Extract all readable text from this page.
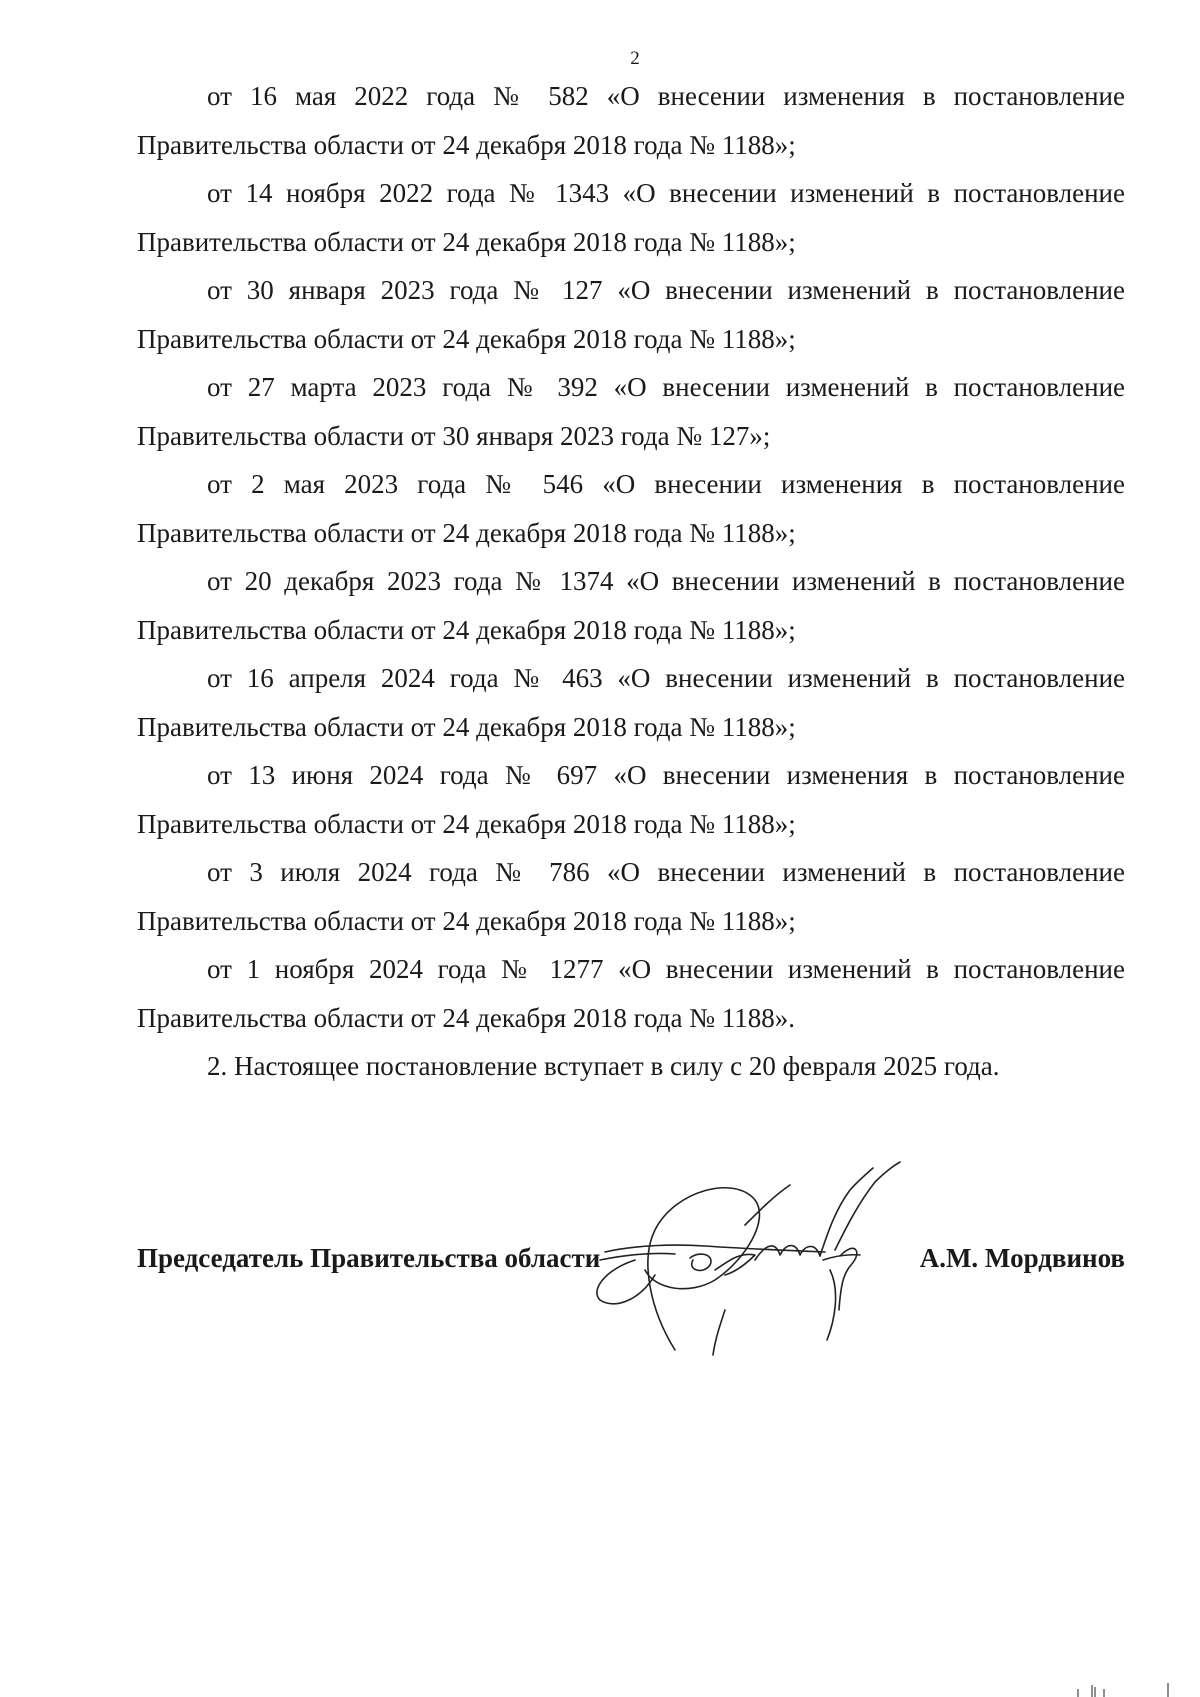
2

от 16 мая 2022 года № 582 «О внесении изменения в постановление Правительства области от 24 декабря 2018 года № 1188»;

от 14 ноября 2022 года № 1343 «О внесении изменений в постановление Правительства области от 24 декабря 2018 года № 1188»;

от 30 января 2023 года № 127 «О внесении изменений в постановление Правительства области от 24 декабря 2018 года № 1188»;

от 27 марта 2023 года № 392 «О внесении изменений в постановление Правительства области от 30 января 2023 года № 127»;

от 2 мая 2023 года № 546 «О внесении изменения в постановление Правительства области от 24 декабря 2018 года № 1188»;

от 20 декабря 2023 года № 1374 «О внесении изменений в постановление Правительства области от 24 декабря 2018 года № 1188»;

от 16 апреля 2024 года № 463 «О внесении изменений в постановление Правительства области от 24 декабря 2018 года № 1188»;

от 13 июня 2024 года № 697 «О внесении изменения в постановление Правительства области от 24 декабря 2018 года № 1188»;

от 3 июля 2024 года № 786 «О внесении изменений в постановление Правительства области от 24 декабря 2018 года № 1188»;

от 1 ноября 2024 года № 1277 «О внесении изменений в постановление Правительства области от 24 декабря 2018 года № 1188».

2. Настоящее постановление вступает в силу с 20 февраля 2025 года.

Председатель Правительства области	А.М. Мордвинов
